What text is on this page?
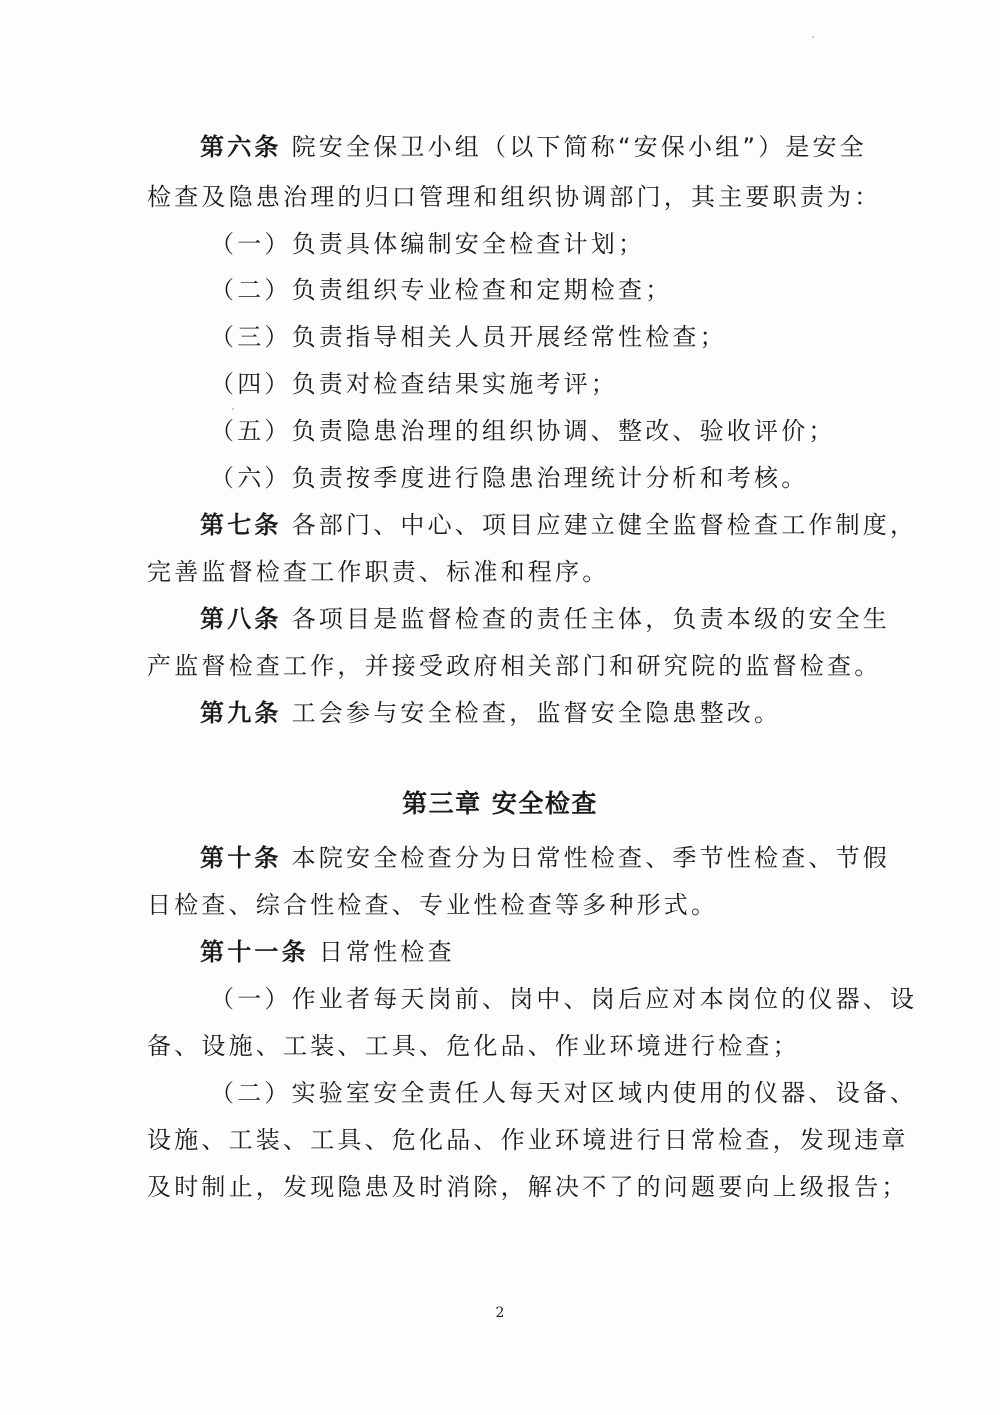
第六条 院安全保卫小组（以下简称“安保小组”）是安全
检查及隐患治理的归口管理和组织协调部门，其主要职责为：
（一）负责具体编制安全检查计划；
（二）负责组织专业检查和定期检查；
（三）负责指导相关人员开展经常性检查；
（四）负责对检查结果实施考评；
（五）负责隐患治理的组织协调、整改、验收评价；
（六）负责按季度进行隐患治理统计分析和考核。
第七条 各部门、中心、项目应建立健全监督检查工作制度，
完善监督检查工作职责、标准和程序。
第八条 各项目是监督检查的责任主体，负责本级的安全生
产监督检查工作，并接受政府相关部门和研究院的监督检查。
第九条 工会参与安全检查，监督安全隐患整改。
第三章 安全检查
第十条 本院安全检查分为日常性检查、季节性检查、节假
日检查、综合性检查、专业性检查等多种形式。
第十一条 日常性检查
（一）作业者每天岗前、岗中、岗后应对本岗位的仪器、设
备、设施、工装、工具、危化品、作业环境进行检查；
（二）实验室安全责任人每天对区域内使用的仪器、设备、
设施、工装、工具、危化品、作业环境进行日常检查，发现违章
及时制止，发现隐患及时消除，解决不了的问题要向上级报告；
2
